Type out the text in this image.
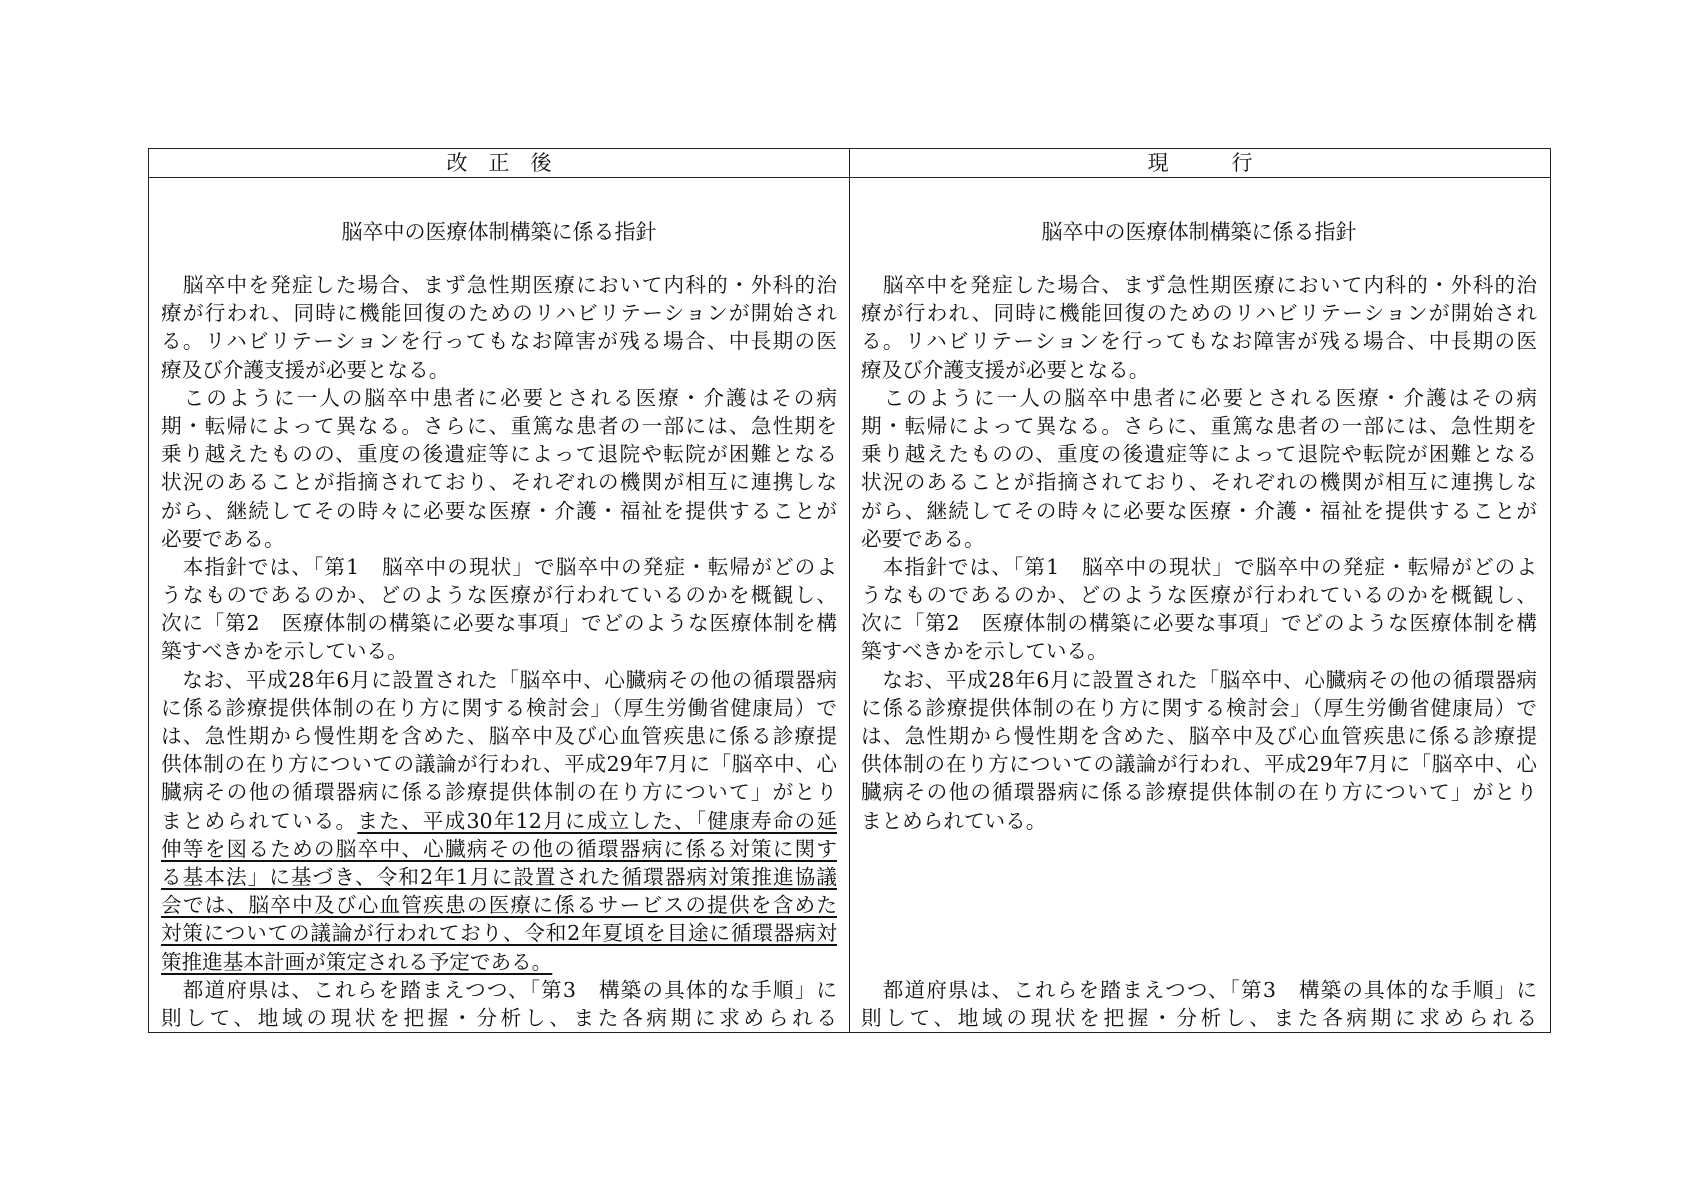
改　正　後	現　　　行
脳卒中の医療体制構築に係る指針
　脳卒中を発症した場合、まず急性期医療において内科的・外科的治
療が行われ、同時に機能回復のためのリハビリテーションが開始され
る。リハビリテーションを行ってもなお障害が残る場合、中長期の医
療及び介護支援が必要となる。
　このように一人の脳卒中患者に必要とされる医療・介護はその病
期・転帰によって異なる。さらに、重篤な患者の一部には、急性期を
乗り越えたものの、重度の後遺症等によって退院や転院が困難となる
状況のあることが指摘されており、それぞれの機関が相互に連携しな
がら、継続してその時々に必要な医療・介護・福祉を提供することが
必要である。
　本指針では、「第1　脳卒中の現状」で脳卒中の発症・転帰がどのよ
うなものであるのか、どのような医療が行われているのかを概観し、
次に「第2　医療体制の構築に必要な事項」でどのような医療体制を構
築すべきかを示している。
　なお、平成28年6月に設置された「脳卒中、心臓病その他の循環器病
に係る診療提供体制の在り方に関する検討会」（厚生労働省健康局）で
は、急性期から慢性期を含めた、脳卒中及び心血管疾患に係る診療提
供体制の在り方についての議論が行われ、平成29年7月に「脳卒中、心
臓病その他の循環器病に係る診療提供体制の在り方について」がとり
まとめられている。また、平成30年12月に成立した、「健康寿命の延
伸等を図るための脳卒中、心臓病その他の循環器病に係る対策に関す
る基本法」に基づき、令和2年1月に設置された循環器病対策推進協議
会では、脳卒中及び心血管疾患の医療に係るサービスの提供を含めた
対策についての議論が行われており、令和2年夏頃を目途に循環器病対
策推進基本計画が策定される予定である。
　都道府県は、これらを踏まえつつ、「第3　構築の具体的な手順」に
則して、地域の現状を把握・分析し、また各病期に求められる
脳卒中の医療体制構築に係る指針
　脳卒中を発症した場合、まず急性期医療において内科的・外科的治
療が行われ、同時に機能回復のためのリハビリテーションが開始され
る。リハビリテーションを行ってもなお障害が残る場合、中長期の医
療及び介護支援が必要となる。
　このように一人の脳卒中患者に必要とされる医療・介護はその病
期・転帰によって異なる。さらに、重篤な患者の一部には、急性期を
乗り越えたものの、重度の後遺症等によって退院や転院が困難となる
状況のあることが指摘されており、それぞれの機関が相互に連携しな
がら、継続してその時々に必要な医療・介護・福祉を提供することが
必要である。
　本指針では、「第1　脳卒中の現状」で脳卒中の発症・転帰がどのよ
うなものであるのか、どのような医療が行われているのかを概観し、
次に「第2　医療体制の構築に必要な事項」でどのような医療体制を構
築すべきかを示している。
　なお、平成28年6月に設置された「脳卒中、心臓病その他の循環器病
に係る診療提供体制の在り方に関する検討会」（厚生労働省健康局）で
は、急性期から慢性期を含めた、脳卒中及び心血管疾患に係る診療提
供体制の在り方についての議論が行われ、平成29年7月に「脳卒中、心
臓病その他の循環器病に係る診療提供体制の在り方について」がとり
まとめられている。
　都道府県は、これらを踏まえつつ、「第3　構築の具体的な手順」に
則して、地域の現状を把握・分析し、また各病期に求められる
